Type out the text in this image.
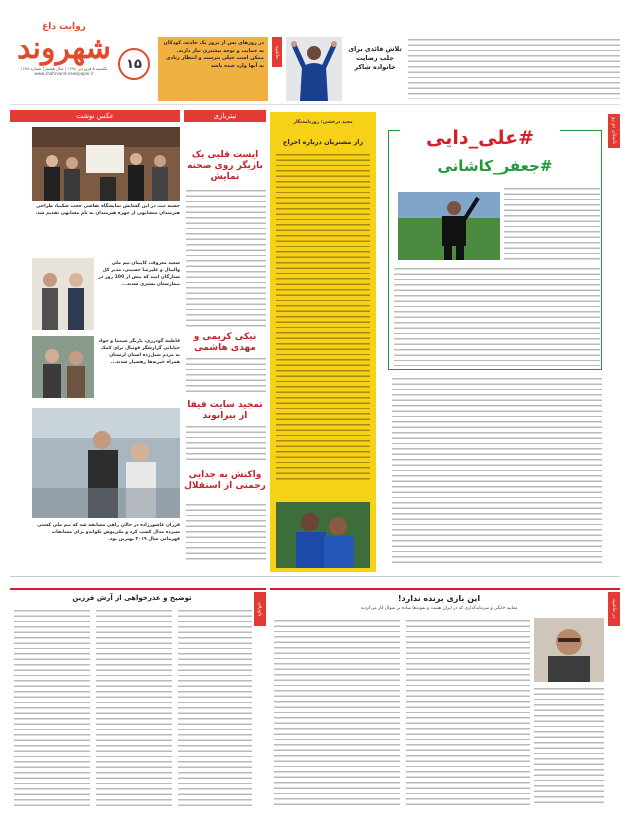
روایت داغ
شهروند
یکشنبه ۵ فروردین ۱۳۹۸ | سال هشتم | شماره ۱۶۷۸
www.shahrvand-newspaper.ir
۱۵
در روزهای پس از بروز یک حادثه، کودکان به حمایت و توجه بیشتری نیاز دارند. ممکن است خیلی بترسند و انتظار زیادی به آنها وارد شده باشد
حاشیه	تلاش قائدی برای جلب رضایت خانواده شاکر
عکس نوشت
جشنه ثبت در این گشایش نمایشگاه نقاشی حجت شکیبا، طراحی هنرمندان متشابهی از چهره هنرمندان به نام مشابهی تقدیم شد.
سعید معروف، کاپیتان تیم ملی والیبال و علیرضا حسینی، مدیر کل ستارگان امید که بیش از 100 روز در بیمارستان بستری شدند...
فاطمه گودرزی، بازیگر سینما و جواد خیابانی گزارشگر فوتبال برای کمک به مردم سیل‌زده استان لرستان همراه خیریه‌ها رهسپار شدند...
فرزان عاشورزاده در حالی راهی مسابقه شد که تیم ملی کشتی سیزده مدال کسب کرد و ملی‌پوش تکواندو برای مسابقات قهرمانی سال ۲۰۱۹ بهترین بود.
تیتربازی
ایست قلبی یک بازیگر روی صحنه نمایش
نیکی کریمی و مهدی هاشمی
تمجید سایت فیفا از بیرانوند
واکنش به جدایی رحمتی از استقلال
مجید درخشی؛ روزنامه‌نگار
راز مشتریان درباره اخراج	داستان دو رو
#علی_دایی
#جعفر_کاشانی
پاورقی
توضیح و عذرخواهی از آرش فرزین
در حاشیه
این بازی برنده ندارد!
معاینه خانگی و سرمایه‌گذاری که در ایران هست و نمونه‌ها ساده بر منوال کار می‌کردند
